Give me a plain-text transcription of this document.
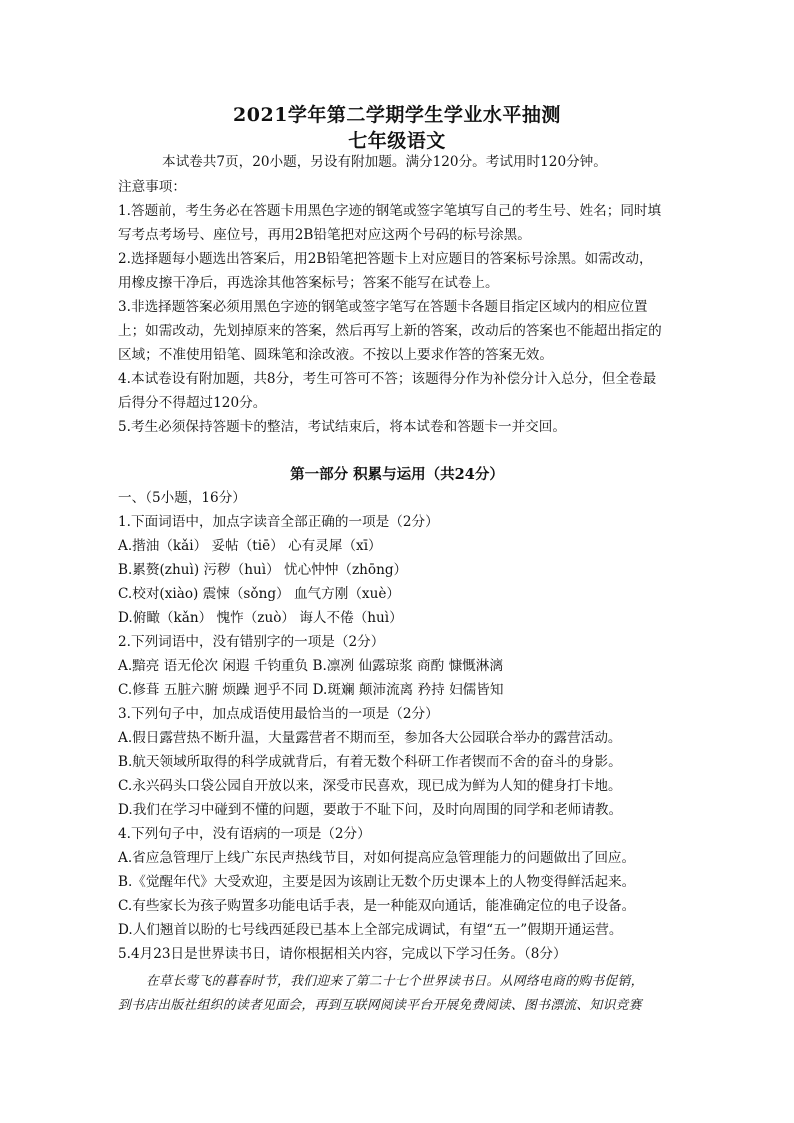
2021学年第二学期学生学业水平抽测
七年级语文
本试卷共7页，20小题，另设有附加题。满分120分。考试用时120分钟。
注意事项：
1.答题前，考生务必在答题卡用黑色字迹的钢笔或签字笔填写自己的考生号、姓名；同时填
写考点考场号、座位号，再用2B铅笔把对应这两个号码的标号涂黑。
2.选择题每小题选出答案后，用2B铅笔把答题卡上对应题目的答案标号涂黑。如需改动，
用橡皮擦干净后，再选涂其他答案标号；答案不能写在试卷上。
3.非选择题答案必须用黑色字迹的钢笔或签字笔写在答题卡各题目指定区域内的相应位置
上；如需改动，先划掉原来的答案，然后再写上新的答案，改动后的答案也不能超出指定的
区域；不准使用铅笔、圆珠笔和涂改液。不按以上要求作答的答案无效。
4.本试卷设有附加题，共8分，考生可答可不答；该题得分作为补偿分计入总分，但全卷最
后得分不得超过120分。
5.考生必须保持答题卡的整洁，考试结束后，将本试卷和答题卡一并交回。
第一部分 积累与运用（共24分）
一、（5小题，16分）
1.下面词语中，加点字读音全部正确的一项是（2分）
A.揩油（kǎi） 妥帖（tiē） 心有灵犀（xī）
B.累赘(zhuì) 污秽（huì） 忧心忡忡（zhōng）
C.校对(xiào) 震悚（sǒng） 血气方刚（xuè）
D.俯瞰（kǎn） 愧怍（zuò） 诲人不倦（huì）
2.下列词语中，没有错别字的一项是（2分）
A.黯亮 语无伦次 闲遐 千钧重负 B.凛冽 仙露琼浆 商酌 慷慨淋漓
C.修葺 五脏六腑 烦躁 迥乎不同 D.斑斓 颠沛流离 矜持 妇儒皆知
3.下列句子中，加点成语使用最恰当的一项是（2分）
A.假日露营热不断升温，大量露营者不期而至，参加各大公园联合举办的露营活动。
B.航天领域所取得的科学成就背后，有着无数个科研工作者锲而不舍的奋斗的身影。
C.永兴码头口袋公园自开放以来，深受市民喜欢，现已成为鲜为人知的健身打卡地。
D.我们在学习中碰到不懂的问题，要敢于不耻下问，及时向周围的同学和老师请教。
4.下列句子中，没有语病的一项是（2分）
A.省应急管理厅上线广东民声热线节目，对如何提高应急管理能力的问题做出了回应。
B.《觉醒年代》大受欢迎，主要是因为该剧让无数个历史课本上的人物变得鲜活起来。
C.有些家长为孩子购置多功能电话手表，是一种能双向通话，能准确定位的电子设备。
D.人们翘首以盼的七号线西延段已基本上全部完成调试，有望“五一”假期开通运营。
5.4月23日是世界读书日，请你根据相关内容，完成以下学习任务。（8分）
在草长莺飞的暮春时节，我们迎来了第二十七个世界读书日。从网络电商的购书促销，
到书店出版社组织的读者见面会，再到互联网阅读平台开展免费阅读、图书漂流、知识竞赛
